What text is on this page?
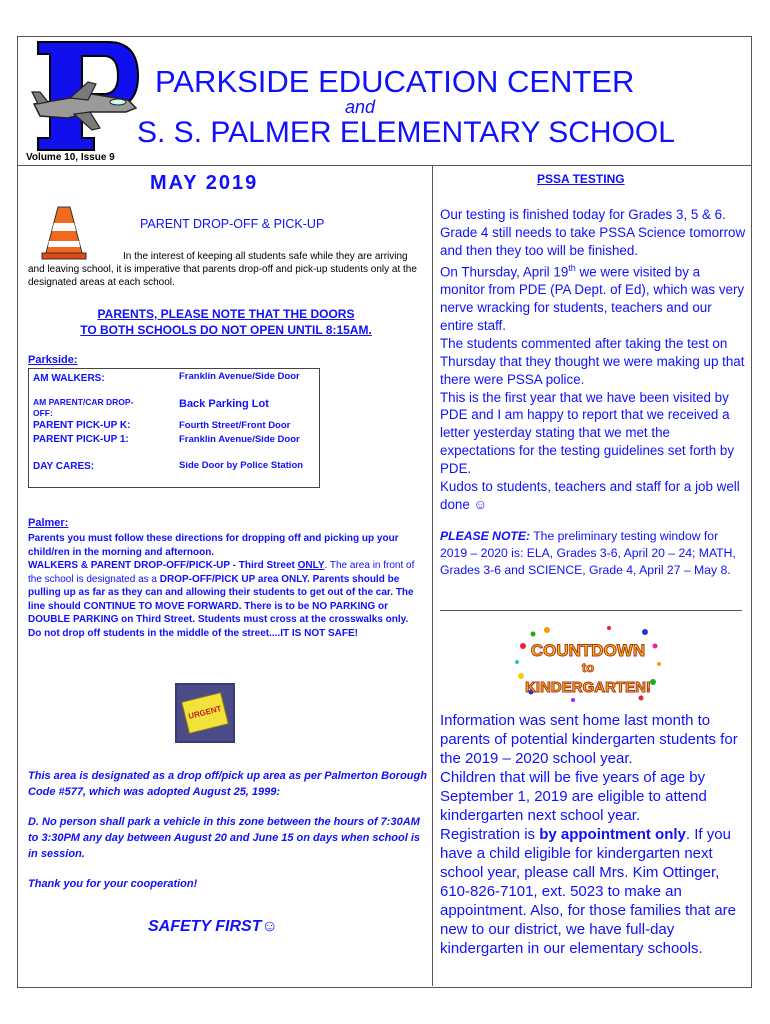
PARKSIDE EDUCATION CENTER
and
S. S. PALMER ELEMENTARY SCHOOL
Volume 10, Issue 9
MAY 2019
PARENT DROP-OFF & PICK-UP
In the interest of keeping all students safe while they are arriving and leaving school, it is imperative that parents drop-off and pick-up students only at the designated areas at each school.
PARENTS, PLEASE NOTE THAT THE DOORS
TO BOTH SCHOOLS DO NOT OPEN UNTIL 8:15AM.
Parkside:
AM WALKERS:	Franklin Avenue/Side Door
AM PARENT/CAR DROP-OFF:
Back Parking Lot
PARENT PICK-UP K:	Fourth Street/Front Door
PARENT PICK-UP 1:	Franklin Avenue/Side Door
DAY CARES:	Side Door by Police Station
Palmer:
Parents you must follow these directions for dropping off and picking up your child/ren in the morning and afternoon.
WALKERS & PARENT DROP-OFF/PICK-UP - Third Street ONLY. The area in front of the school is designated as a DROP-OFF/PICK UP area ONLY. Parents should be pulling up as far as they can and allowing their students to get out of the car. The line should CONTINUE TO MOVE FORWARD. There is to be NO PARKING or DOUBLE PARKING on Third Street. Students must cross at the crosswalks only. Do not drop off students in the middle of the street....IT IS NOT SAFE!
URGENT
This area is designated as a drop off/pick up area as per Palmerton Borough Code #577, which was adopted August 25, 1999:
D. No person shall park a vehicle in this zone between the hours of 7:30AM to 3:30PM any day between August 20 and June 15 on days when school is in session.
Thank you for your cooperation!
SAFETY FIRST☺
PSSA TESTING
Our testing is finished today for Grades 3, 5 & 6. Grade 4 still needs to take PSSA Science tomorrow and then they too will be finished.
On Thursday, April 19th we were visited by a monitor from PDE (PA Dept. of Ed), which was very nerve wracking for students, teachers and our entire staff.
The students commented after taking the test on Thursday that they thought we were making up that there were PSSA police.
This is the first year that we have been visited by PDE and I am happy to report that we received a letter yesterday stating that we met the expectations for the testing guidelines set forth by PDE.
Kudos to students, teachers and staff for a job well done ☺
PLEASE NOTE: The preliminary testing window for 2019 – 2020 is: ELA, Grades 3-6, April 20 – 24; MATH, Grades 3-6 and SCIENCE, Grade 4, April 27 – May 8.
COUNTDOWN
to
KINDERGARTEN!
Information was sent home last month to parents of potential kindergarten students for the 2019 – 2020 school year.
Children that will be five years of age by September 1, 2019 are eligible to attend kindergarten next school year.
Registration is by appointment only. If you have a child eligible for kindergarten next school year, please call Mrs. Kim Ottinger, 610-826-7101, ext. 5023 to make an appointment. Also, for those families that are new to our district, we have full-day kindergarten in our elementary schools.
